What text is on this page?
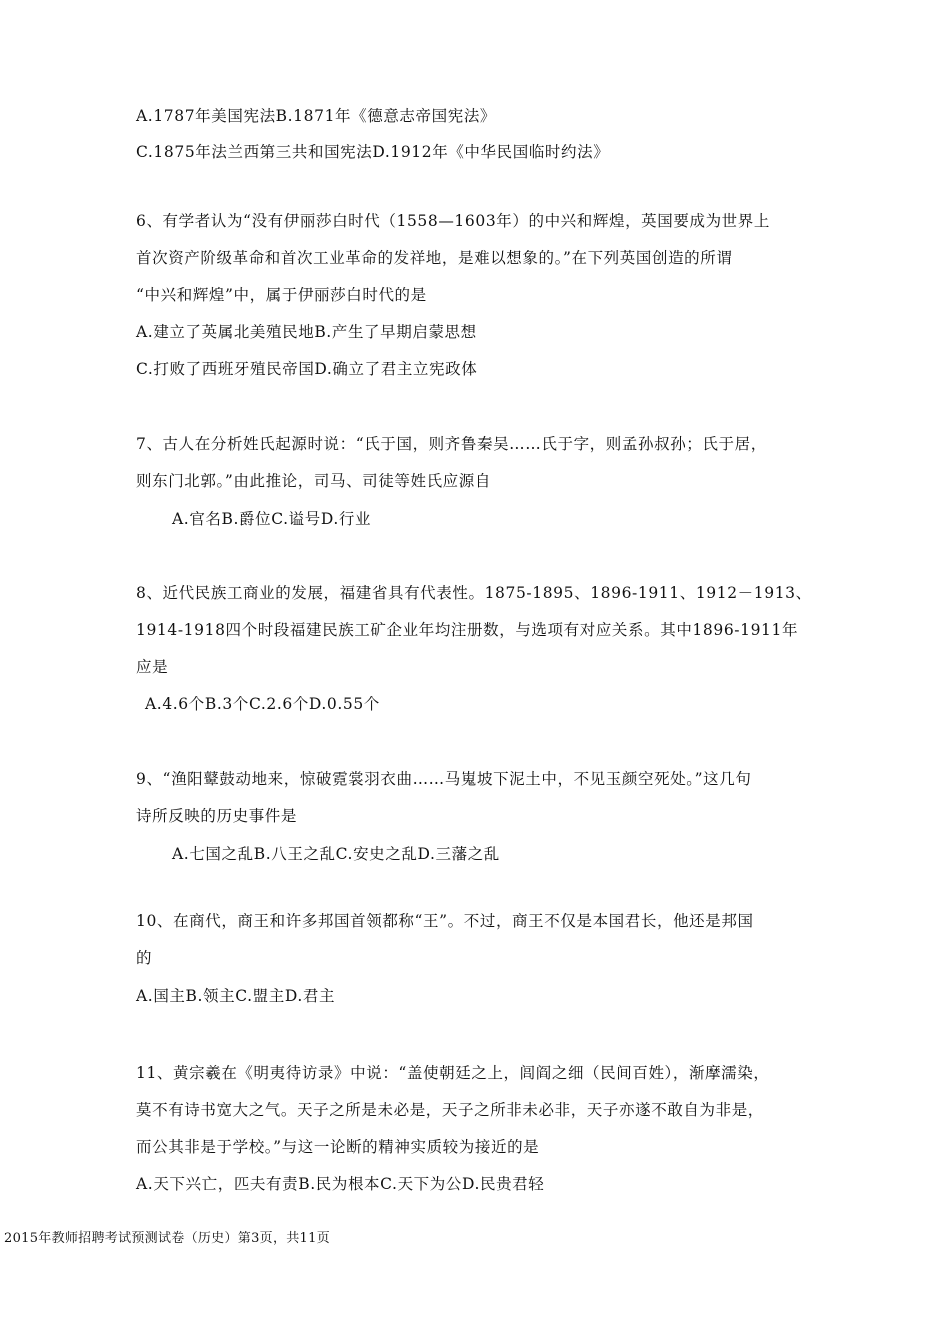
A.1787年美国宪法B.1871年《德意志帝国宪法》
C.1875年法兰西第三共和国宪法D.1912年《中华民国临时约法》
6、有学者认为“没有伊丽莎白时代（1558—1603年）的中兴和辉煌，英国要成为世界上
首次资产阶级革命和首次工业革命的发祥地，是难以想象的。”在下列英国创造的所谓
“中兴和辉煌”中，属于伊丽莎白时代的是
A.建立了英属北美殖民地B.产生了早期启蒙思想
C.打败了西班牙殖民帝国D.确立了君主立宪政体
7、古人在分析姓氏起源时说：“氏于国，则齐鲁秦吴……氏于字，则孟孙叔孙；氏于居，
则东门北郭。”由此推论，司马、司徒等姓氏应源自
A.官名B.爵位C.谥号D.行业
8、近代民族工商业的发展，福建省具有代表性。1875-1895、1896-1911、1912－1913、
1914-1918四个时段福建民族工矿企业年均注册数，与选项有对应关系。其中1896-1911年
应是
A.4.6个B.3个C.2.6个D.0.55个
9、“渔阳鼙鼓动地来，惊破霓裳羽衣曲……马嵬坡下泥土中，不见玉颜空死处。”这几句
诗所反映的历史事件是
A.七国之乱B.八王之乱C.安史之乱D.三藩之乱
10、在商代，商王和许多邦国首领都称“王”。不过，商王不仅是本国君长，他还是邦国
的
A.国主B.领主C.盟主D.君主
11、黄宗羲在《明夷待访录》中说：“盖使朝廷之上，闾阎之细（民间百姓），渐摩濡染，
莫不有诗书宽大之气。天子之所是未必是，天子之所非未必非，天子亦遂不敢自为非是，
而公其非是于学校。”与这一论断的精神实质较为接近的是
A.天下兴亡，匹夫有责B.民为根本C.天下为公D.民贵君轻
2015年教师招聘考试预测试卷（历史）第3页，共11页
